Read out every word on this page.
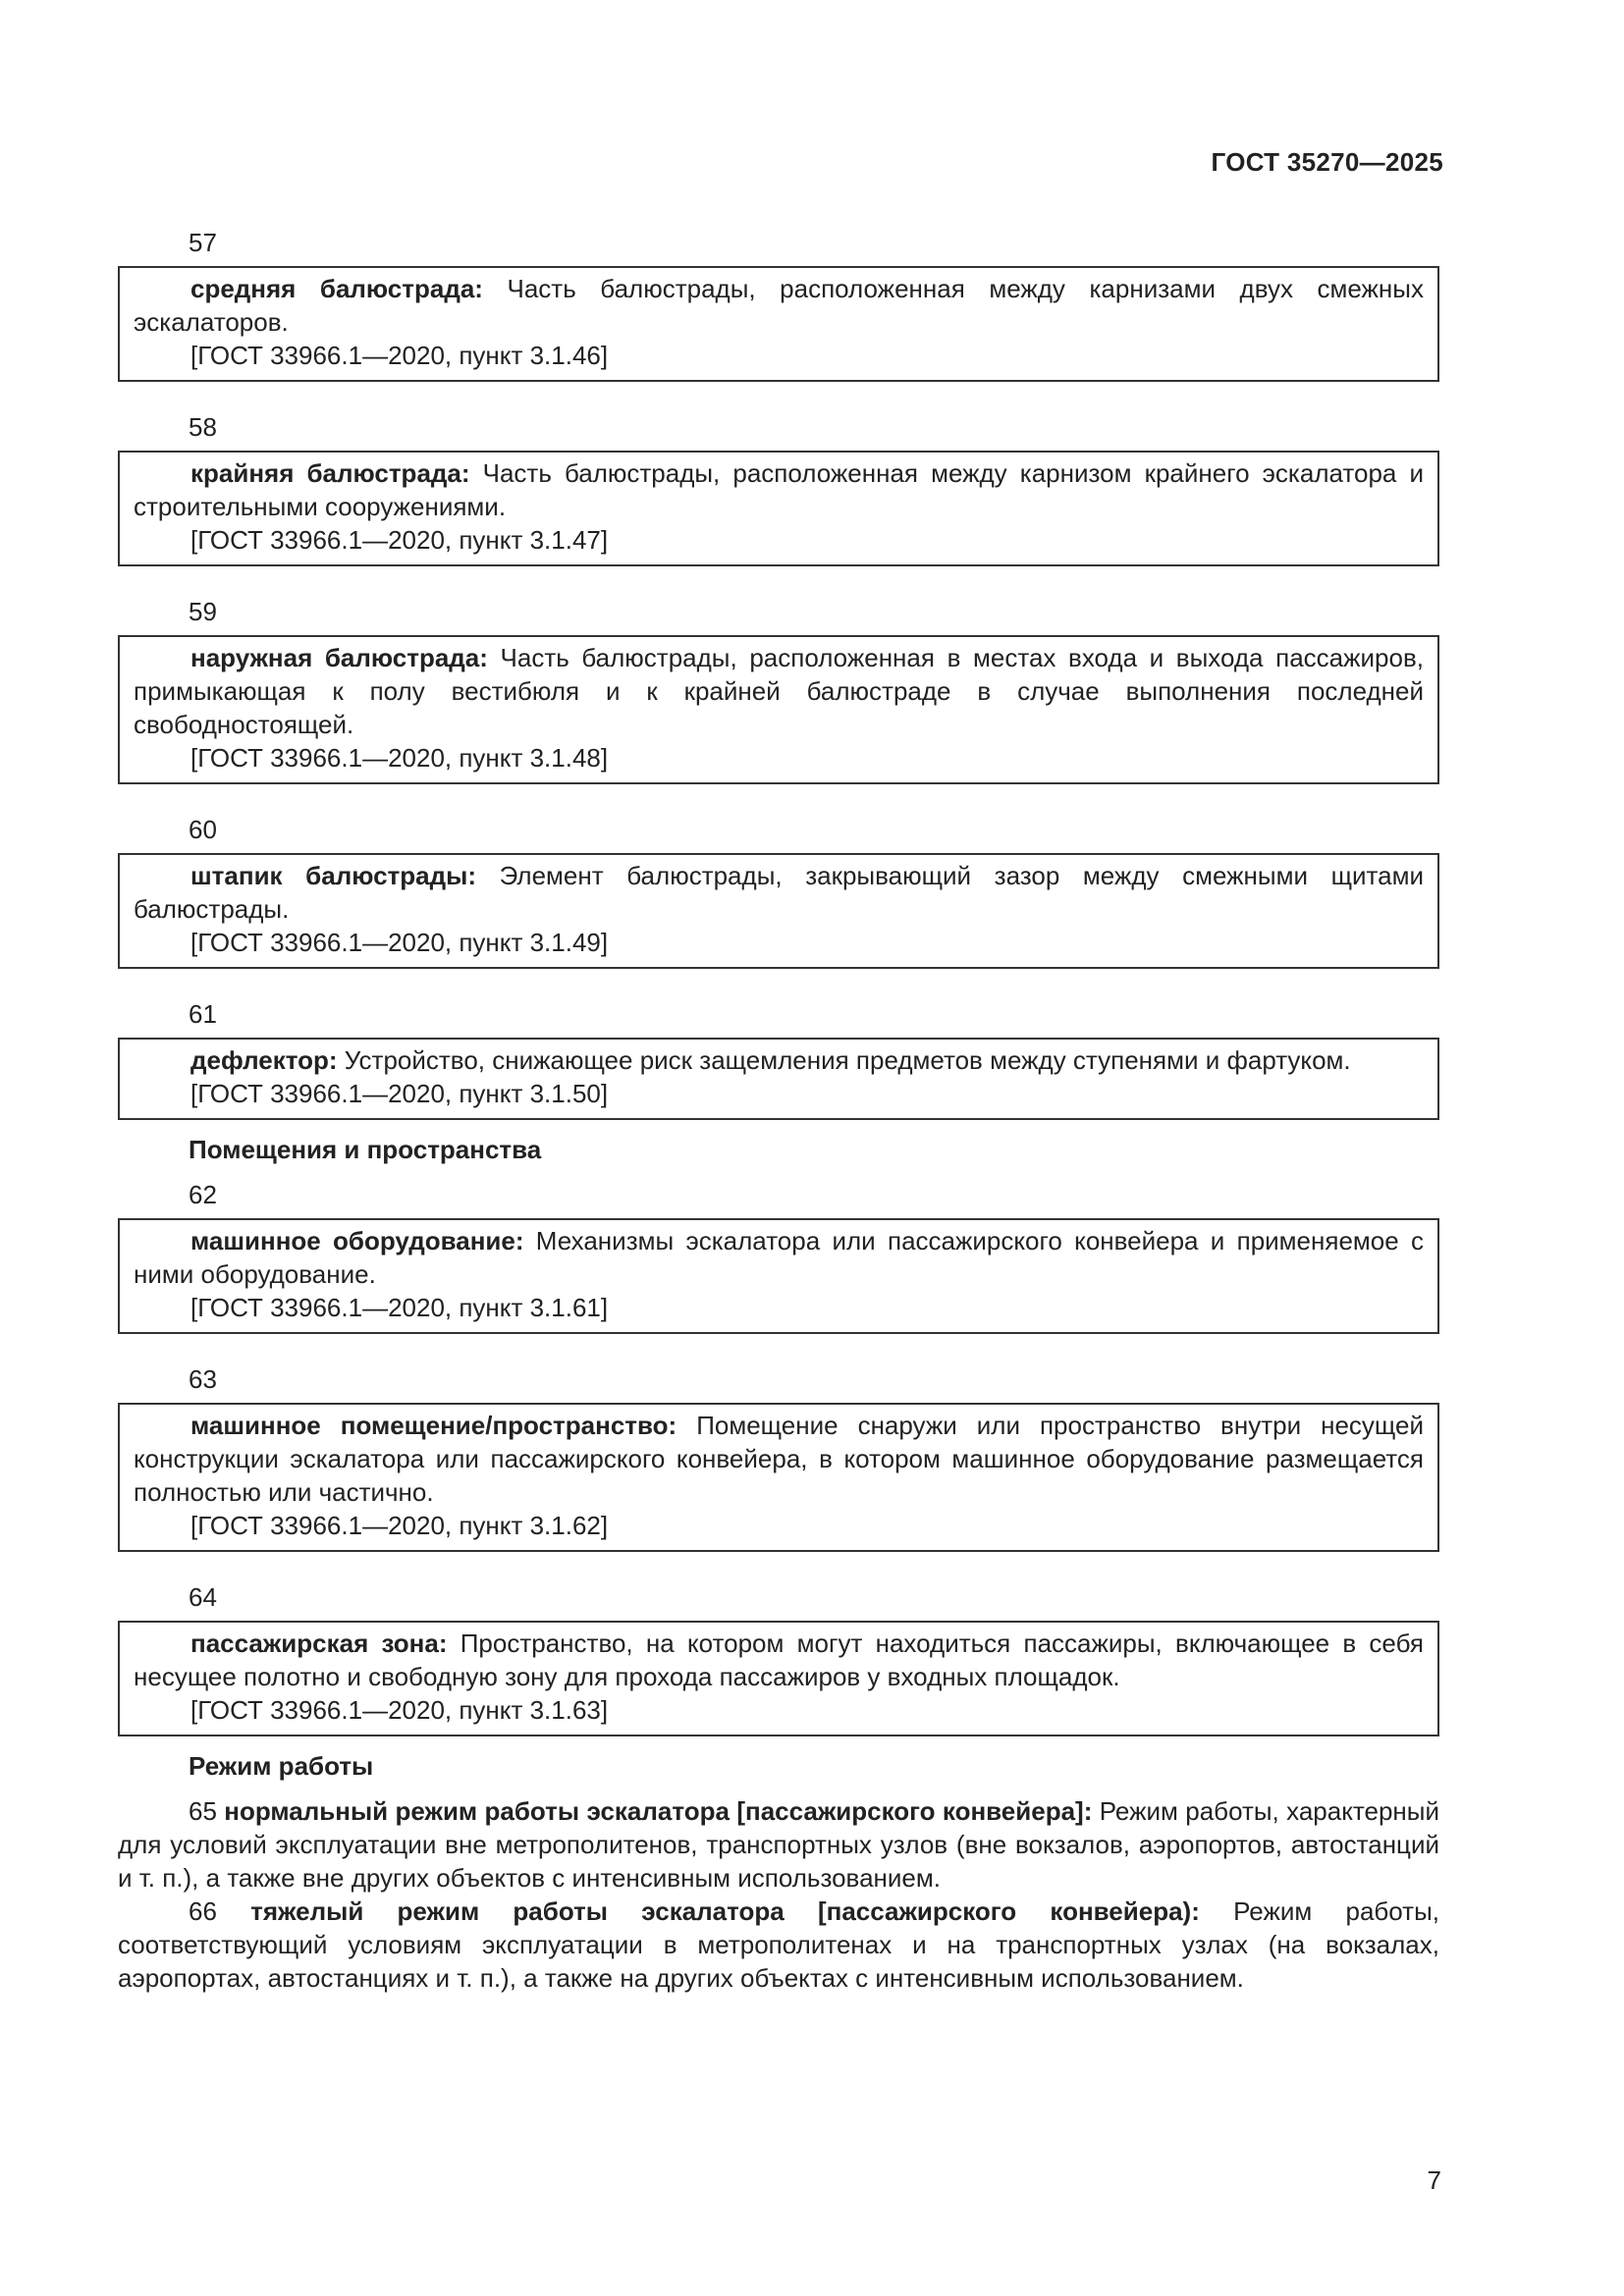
ГОСТ 35270—2025
57
средняя балюстрада: Часть балюстрады, расположенная между карнизами двух смежных эскалаторов.
[ГОСТ 33966.1—2020, пункт 3.1.46]
58
крайняя балюстрада: Часть балюстрады, расположенная между карнизом крайнего эскалатора и строительными сооружениями.
[ГОСТ 33966.1—2020, пункт 3.1.47]
59
наружная балюстрада: Часть балюстрады, расположенная в местах входа и выхода пассажиров, примыкающая к полу вестибюля и к крайней балюстраде в случае выполнения последней свободностоящей.
[ГОСТ 33966.1—2020, пункт 3.1.48]
60
штапик балюстрады: Элемент балюстрады, закрывающий зазор между смежными щитами балюстрады.
[ГОСТ 33966.1—2020, пункт 3.1.49]
61
дефлектор: Устройство, снижающее риск защемления предметов между ступенями и фартуком.
[ГОСТ 33966.1—2020, пункт 3.1.50]
Помещения и пространства
62
машинное оборудование: Механизмы эскалатора или пассажирского конвейера и применяемое с ними оборудование.
[ГОСТ 33966.1—2020, пункт 3.1.61]
63
машинное помещение/пространство: Помещение снаружи или пространство внутри несущей конструкции эскалатора или пассажирского конвейера, в котором машинное оборудование размещается полностью или частично.
[ГОСТ 33966.1—2020, пункт 3.1.62]
64
пассажирская зона: Пространство, на котором могут находиться пассажиры, включающее в себя несущее полотно и свободную зону для прохода пассажиров у входных площадок.
[ГОСТ 33966.1—2020, пункт 3.1.63]
Режим работы

65 нормальный режим работы эскалатора [пассажирского конвейера]: Режим работы, характерный для условий эксплуатации вне метрополитенов, транспортных узлов (вне вокзалов, аэропортов, автостанций и т. п.), а также вне других объектов с интенсивным использованием.

66 тяжелый режим работы эскалатора [пассажирского конвейера): Режим работы, соответствующий условиям эксплуатации в метрополитенах и на транспортных узлах (на вокзалах, аэропортах, автостанциях и т. п.), а также на других объектах с интенсивным использованием.

7
